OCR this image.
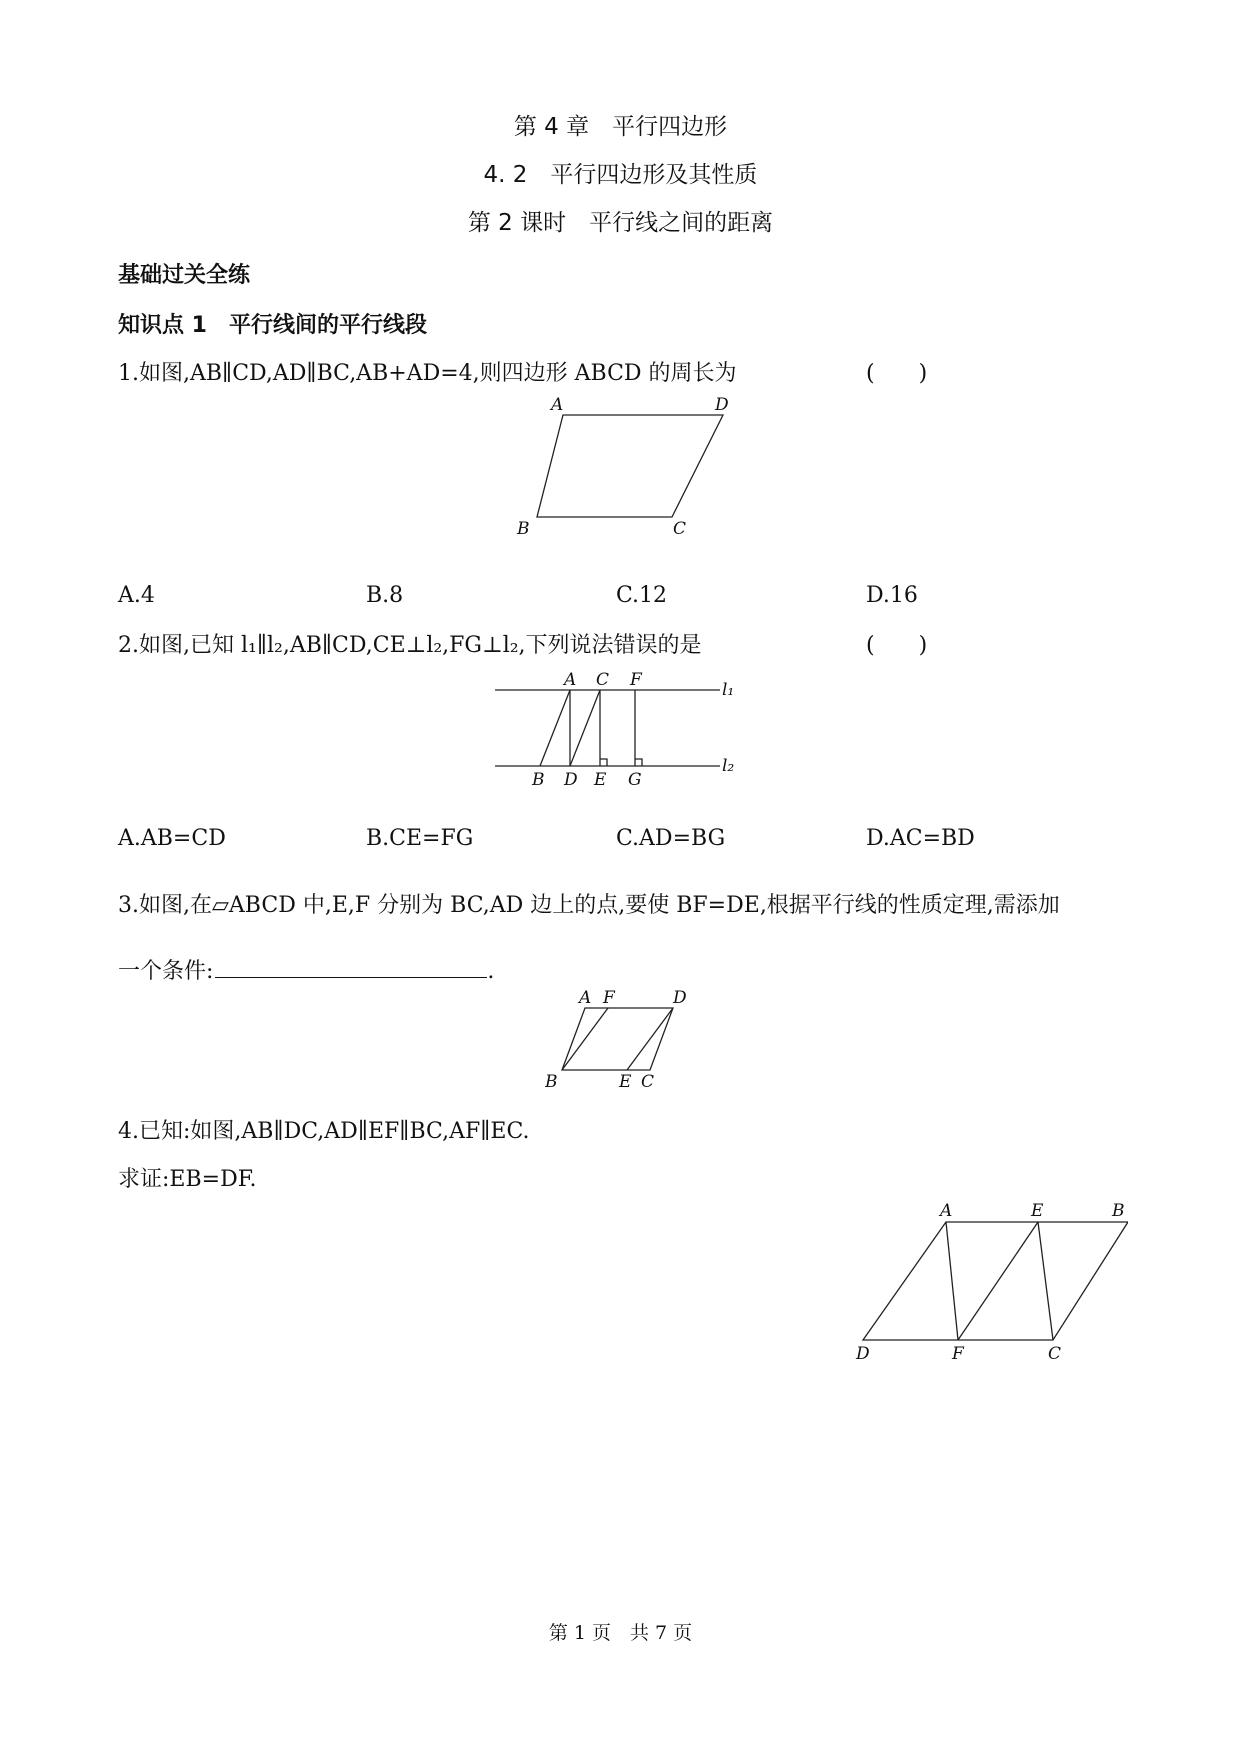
第 4 章　平行四边形
4. 2　平行四边形及其性质
第 2 课时　平行线之间的距离
基础过关全练
知识点 1　平行线间的平行线段
1.如图,AB∥CD,AD∥BC,AB+AD=4,则四边形 ABCD 的周长为	(　　)
A	D
B	C
A.4	B.8	C.12	D.16
2.如图,已知 l₁∥l₂,AB∥CD,CE⊥l₂,FG⊥l₂,下列说法错误的是	(　　)
A C F	l₁
B D E G
l₂
A.AB=CD	B.CE=FG	C.AD=BG	D.AC=BD
3.如图,在▱ABCD 中,E,F 分别为 BC,AD 边上的点,要使 BF=DE,根据平行线的性质定理,需添加
一个条件:	.
A F	D
B	E C
4.已知:如图,AB∥DC,AD∥EF∥BC,AF∥EC.
求证:EB=DF.
A	E	B
D	F	C
第 1 页　共 7 页
